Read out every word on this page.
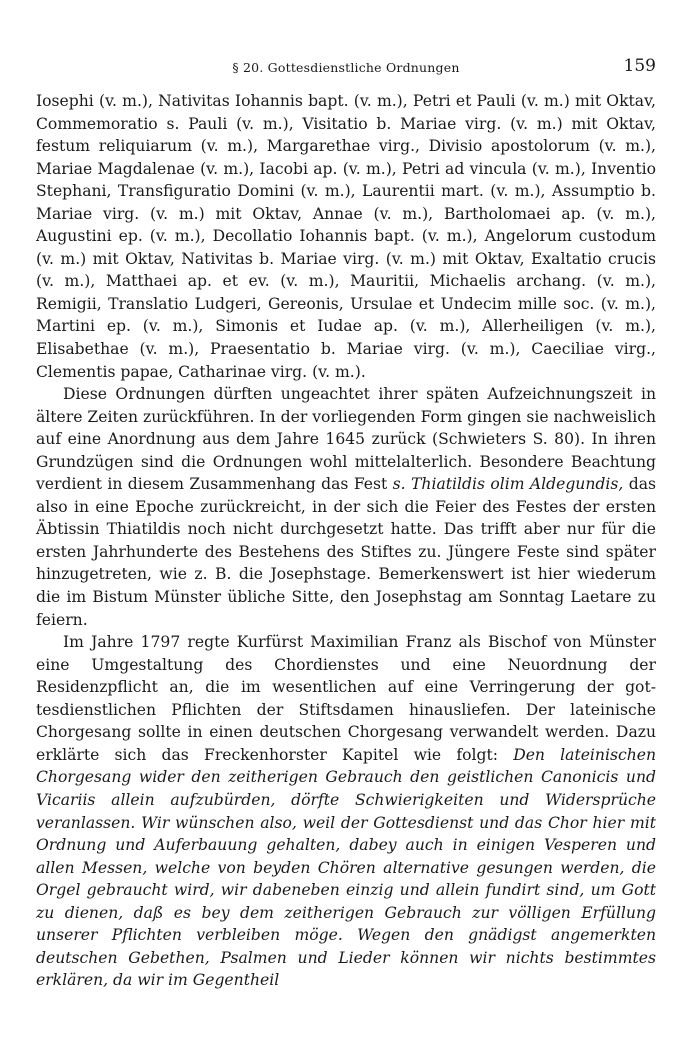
§ 20. Gottesdienstliche Ordnungen	159

Iosephi (v. m.), Nativitas Iohannis bapt. (v. m.), Petri et Pauli (v. m.) mit Oktav, Commemoratio s. Pauli (v. m.), Visitatio b. Mariae virg. (v. m.) mit Oktav, festum reliquiarum (v. m.), Margarethae virg., Divisio apostolorum (v. m.), Mariae Magdalenae (v. m.), Iacobi ap. (v. m.), Petri ad vincula (v. m.), Inventio Stephani, Transfiguratio Domini (v. m.), Laurentii mart. (v. m.), Assumptio b. Mariae virg. (v. m.) mit Oktav, Annae (v. m.), Bartholomaei ap. (v. m.), Augustini ep. (v. m.), Decollatio Iohannis bapt. (v. m.), Angelorum custodum (v. m.) mit Oktav, Nativitas b. Mariae virg. (v. m.) mit Oktav, Exaltatio crucis (v. m.), Matthaei ap. et ev. (v. m.), Mauritii, Michaelis archang. (v. m.), Remigii, Translatio Ludgeri, Gereonis, Ursulae et Undecim mille soc. (v. m.), Martini ep. (v. m.), Simonis et Iudae ap. (v. m.), Allerheiligen (v. m.), Elisabethae (v. m.), Praesentatio b. Mariae virg. (v. m.), Caeciliae virg., Clementis papae, Catharinae virg. (v. m.).

Diese Ordnungen dürften ungeachtet ihrer späten Aufzeichnungszeit in ältere Zeiten zurückführen. In der vorliegenden Form gingen sie nachweislich auf eine Anordnung aus dem Jahre 1645 zurück (Schwieters S. 80). In ihren Grundzügen sind die Ordnungen wohl mittelalterlich. Besondere Beachtung verdient in diesem Zusammenhang das Fest s. Thiatildis olim Aldegundis, das also in eine Epoche zurückreicht, in der sich die Feier des Festes der ersten Äbtissin Thiatildis noch nicht durchgesetzt hatte. Das trifft aber nur für die ersten Jahrhunderte des Bestehens des Stiftes zu. Jüngere Feste sind später hinzugetreten, wie z. B. die Josephstage. Bemerkenswert ist hier wiederum die im Bistum Münster übliche Sitte, den Josephstag am Sonntag Laetare zu feiern.

Im Jahre 1797 regte Kurfürst Maximilian Franz als Bischof von Münster eine Umgestaltung des Chordienstes und eine Neuordnung der Residenzpflicht an, die im wesentlichen auf eine Verringerung der gottesdienstlichen Pflichten der Stiftsdamen hinausliefen. Der lateinische Chorgesang sollte in einen deutschen Chorgesang verwandelt werden. Dazu erklärte sich das Freckenhorster Kapitel wie folgt: Den lateinischen Chorgesang wider den zeitherigen Gebrauch den geistlichen Canonicis und Vicariis allein aufzubürden, dörfte Schwierigkeiten und Widersprüche veranlassen. Wir wünschen also, weil der Gottesdienst und das Chor hier mit Ordnung und Auferbauung gehalten, dabey auch in einigen Vesperen und allen Messen, welche von beyden Chören alternative gesungen werden, die Orgel gebraucht wird, wir dabeneben einzig und allein fundirt sind, um Gott zu dienen, daß es bey dem zeitherigen Gebrauch zur völligen Erfüllung unserer Pflichten verbleiben möge. Wegen den gnädigst angemerkten deutschen Gebethen, Psalmen und Lieder können wir nichts bestimmtes erklären, da wir im Gegentheil
